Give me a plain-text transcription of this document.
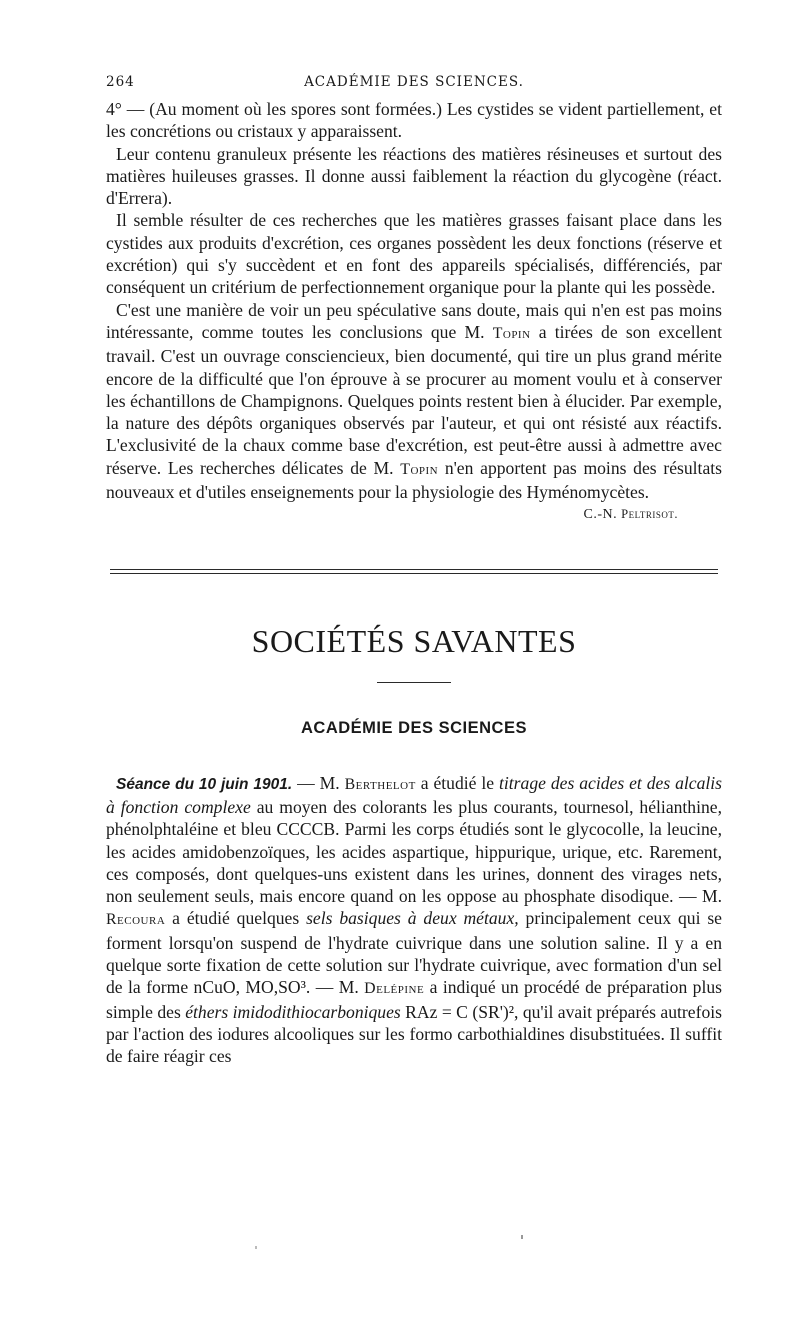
264	ACADÉMIE DES SCIENCES.

4° — (Au moment où les spores sont formées.) Les cystides se vident partiellement, et les concrétions ou cristaux y apparaissent.

Leur contenu granuleux présente les réactions des matières résineuses et surtout des matières huileuses grasses. Il donne aussi faiblement la réaction du glycogène (réact. d'Errera).

Il semble résulter de ces recherches que les matières grasses faisant place dans les cystides aux produits d'excrétion, ces organes possèdent les deux fonctions (réserve et excrétion) qui s'y succèdent et en font des appareils spécialisés, différenciés, par conséquent un critérium de perfectionnement organique pour la plante qui les possède.

C'est une manière de voir un peu spéculative sans doute, mais qui n'en est pas moins intéressante, comme toutes les conclusions que M. Topin a tirées de son excellent travail. C'est un ouvrage consciencieux, bien documenté, qui tire un plus grand mérite encore de la difficulté que l'on éprouve à se procurer au moment voulu et à conserver les échantillons de Champignons. Quelques points restent bien à élucider. Par exemple, la nature des dépôts organiques observés par l'auteur, et qui ont résisté aux réactifs. L'exclusivité de la chaux comme base d'excrétion, est peut-être aussi à admettre avec réserve. Les recherches délicates de M. Topin n'en apportent pas moins des résultats nouveaux et d'utiles enseignements pour la physiologie des Hyménomycètes.

C.-N. Peltrisot.
SOCIÉTÉS SAVANTES
ACADÉMIE DES SCIENCES

Séance du 10 juin 1901. — M. Berthelot a étudié le titrage des acides et des alcalis à fonction complexe au moyen des colorants les plus courants, tournesol, hélianthine, phénolphtaléine et bleu CCCCB. Parmi les corps étudiés sont le glycocolle, la leucine, les acides amidobenzoïques, les acides aspartique, hippurique, urique, etc. Rarement, ces composés, dont quelques-uns existent dans les urines, donnent des virages nets, non seulement seuls, mais encore quand on les oppose au phosphate disodique. — M. Recoura a étudié quelques sels basiques à deux métaux, principalement ceux qui se forment lorsqu'on suspend de l'hydrate cuivrique dans une solution saline. Il y a en quelque sorte fixation de cette solution sur l'hydrate cuivrique, avec formation d'un sel de la forme nCuO, MO,SO³. — M. Delépine a indiqué un procédé de préparation plus simple des éthers imidodithiocarboniques RAz = C (SR')², qu'il avait préparés autrefois par l'action des iodures alcooliques sur les formo carbothialdines disubstituées. Il suffit de faire réagir ces
